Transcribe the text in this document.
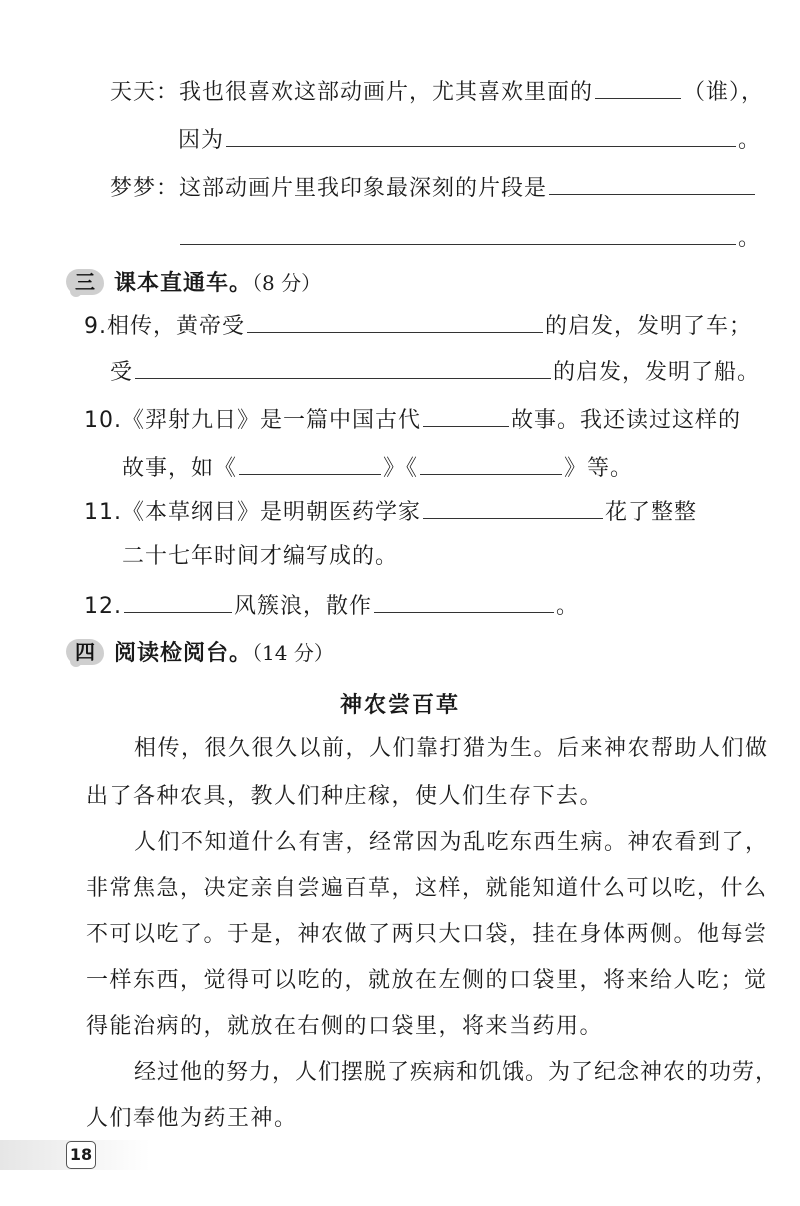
天天：我也很喜欢这部动画片，尤其喜欢里面的	（谁），
因为	。
梦梦：这部动画片里我印象最深刻的片段是
。
三 课本直通车。（8 分）
9.相传，黄帝受	的启发，发明了车；
受	的启发，发明了船。
10.《羿射九日》是一篇中国古代	故事。我还读过这样的
故事，如《	》《	》等。
11.《本草纲目》是明朝医药学家	花了整整
二十七年时间才编写成的。
12.	风簇浪，散作	。
四 阅读检阅台。（14 分）
神农尝百草
相传，很久很久以前，人们靠打猎为生。后来神农帮助人们做
出了各种农具，教人们种庄稼，使人们生存下去。
人们不知道什么有害，经常因为乱吃东西生病。神农看到了，
非常焦急，决定亲自尝遍百草，这样，就能知道什么可以吃，什么
不可以吃了。于是，神农做了两只大口袋，挂在身体两侧。他每尝
一样东西，觉得可以吃的，就放在左侧的口袋里，将来给人吃；觉
得能治病的，就放在右侧的口袋里，将来当药用。
经过他的努力，人们摆脱了疾病和饥饿。为了纪念神农的功劳，
人们奉他为药王神。
18
